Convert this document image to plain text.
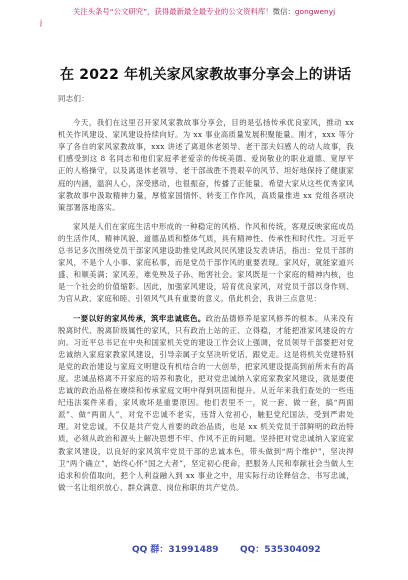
关注头条号“公文研究”，获得最新最全最专业的公文资料库！微信：gongwenyj
j
在 2022 年机关家风家教故事分享会上的讲话

同志们：

今天，我们在这里召开家风家教故事分享会，目的是弘扬传承优良家风，推动 xx 机关作风建设、家风建设持续向好。为 xx 事业高质量发展积聚能量。刚才，xxx 等分享了各自的家风家教故事，xxx 讲述了离退休老领导、老干部夫妇感人的动人故事，我们感受到这 8 名同志和他们家庭孝老爱亲的传统美德、爱岗敬业的职业道德、宽厚平正的人格操守，以及离退休老领导、老干部战胜不畏艰辛的风节、坦好地保持了健康家庭的内涵，温润人心，深受感动，也很振奋，传播了正能量。希望大家从这些优秀家风家教故事中汲取精神力量，厚植家国情怀、转变工作作风，高质量推进 xx 党组各项决策部署落地落实。

家风是人们在家庭生活中形成的一种稳定的风格、作风和传统，客观反映家庭成员的生活作风、精神风貌、道德品质和整体气质，具有精神性、传承性和时代性。习近平总书记多次围绕党员干部家风建设助推党风政风民风建设发表讲话，指出：党员干部的家风，不是个人小事、家庭私事，而是党员干部作风的重要表现。家风好，就能家道兴盛、和顺美满；家风差，难免殃及子孙、贻害社会。家风既是一个家庭的精神内核，也是一个社会的价值缩影。因此，加强家风建设，培育优良家风，对党员干部以身作则、为官从政、家庭和睦、引领风气具有重要的意义。借此机会，我讲三点意见：

一要以好的家风传承，筑牢忠诚底色。政治品德修养是家风修养的根本。从来没有脱离时代、脱离阶级属性的家风，只有政治上站的正、立得稳，才能把准家风建设的方向。习近平总书记在中央和国家机关党的建设工作会议上强调，党员领导干部要把对党忠诚纳入家庭家教家风建设，引导亲属子女坚决听党话、跟党走。这是将机关党建特别是党的政治建设与家庭文明建设有机结合的一大创举，把家风建设提高到前所未有的高度。忠诚品格离不开家庭的培养和教化，把对党忠诚纳入家庭家教家风建设，就是要使忠诚的政治品格在赓续和传承家庭文明中得到巩固和提升。从近年来我们查处的一些违纪违法案件来看，家风败坏是重要原因。他们表里不一，说一套、做一套，搞“两面派”、做“两面人”，对党不忠诚不老实，违背入党初心，触犯党纪国法，受到严肃处理。对党忠诚，不仅是共产党人首要的政治品质，也是 xx 机关党员干部鲜明的政治特质，必须从政治和源头上解决思想不牢、作风不正的问题。坚持把对党忠诚纳入家庭家教家风建设，以良好的家风筑牢党员干部的忠诚本色，带头做到“两个维护”，坚决捍卫“两个确立”，始终心怀“国之大者”，坚定初心使命，把服务人民和奉献社会当做人生追求和价值取向，把个人利益融入到 xx 事业之中，用实际行动诠释信念、书写忠诚，做一名让组织放心、群众满意、岗位称职的共产党员。

QQ 群：31991489 QQ：535304092
